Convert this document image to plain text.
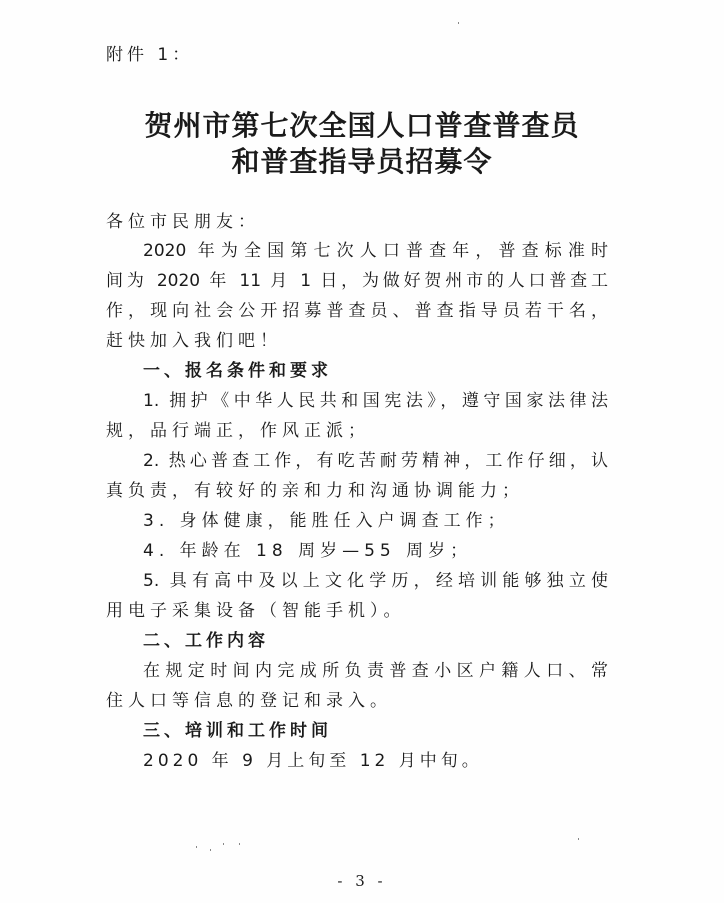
附件 1：
贺州市第七次全国人口普查普查员
和普查指导员招募令
各位市民朋友：
2020 年为全国第七次人口普查年，普查标准时
间为 2020 年 11 月 1 日，为做好贺州市的人口普查工
作，现向社会公开招募普查员、普查指导员若干名，
赶快加入我们吧！
一、报名条件和要求
1. 拥护《中华人民共和国宪法》，遵守国家法律法
规，品行端正，作风正派；
2. 热心普查工作，有吃苦耐劳精神，工作仔细，认
真负责，有较好的亲和力和沟通协调能力；
3. 身体健康，能胜任入户调查工作；
4. 年龄在 18 周岁—55 周岁；
5. 具有高中及以上文化学历，经培训能够独立使
用电子采集设备（智能手机）。
二、工作内容
在规定时间内完成所负责普查小区户籍人口、常
住人口等信息的登记和录入。
三、培训和工作时间
2020 年 9 月上旬至 12 月中旬。
- 3 -
